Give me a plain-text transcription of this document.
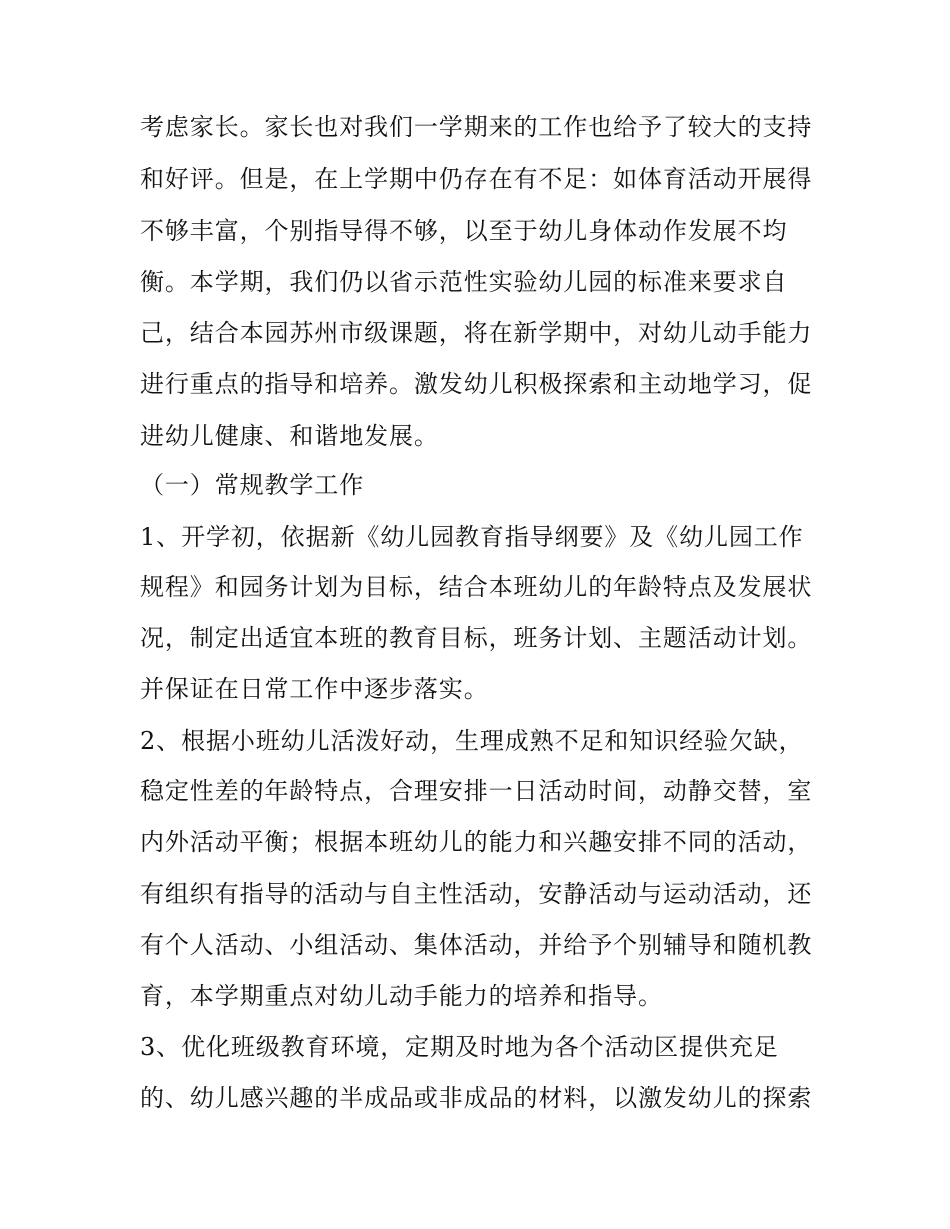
考虑家长。家长也对我们一学期来的工作也给予了较大的支持
和好评。但是，在上学期中仍存在有不足：如体育活动开展得
不够丰富，个别指导得不够，以至于幼儿身体动作发展不均
衡。本学期，我们仍以省示范性实验幼儿园的标准来要求自
己，结合本园苏州市级课题，将在新学期中，对幼儿动手能力
进行重点的指导和培养。激发幼儿积极探索和主动地学习，促
进幼儿健康、和谐地发展。
（一）常规教学工作
1、开学初，依据新《幼儿园教育指导纲要》及《幼儿园工作
规程》和园务计划为目标，结合本班幼儿的年龄特点及发展状
况，制定出适宜本班的教育目标，班务计划、主题活动计划。
并保证在日常工作中逐步落实。
2、根据小班幼儿活泼好动，生理成熟不足和知识经验欠缺，
稳定性差的年龄特点，合理安排一日活动时间，动静交替，室
内外活动平衡；根据本班幼儿的能力和兴趣安排不同的活动，
有组织有指导的活动与自主性活动，安静活动与运动活动，还
有个人活动、小组活动、集体活动，并给予个别辅导和随机教
育，本学期重点对幼儿动手能力的培养和指导。
3、优化班级教育环境，定期及时地为各个活动区提供充足
的、幼儿感兴趣的半成品或非成品的材料，以激发幼儿的探索
